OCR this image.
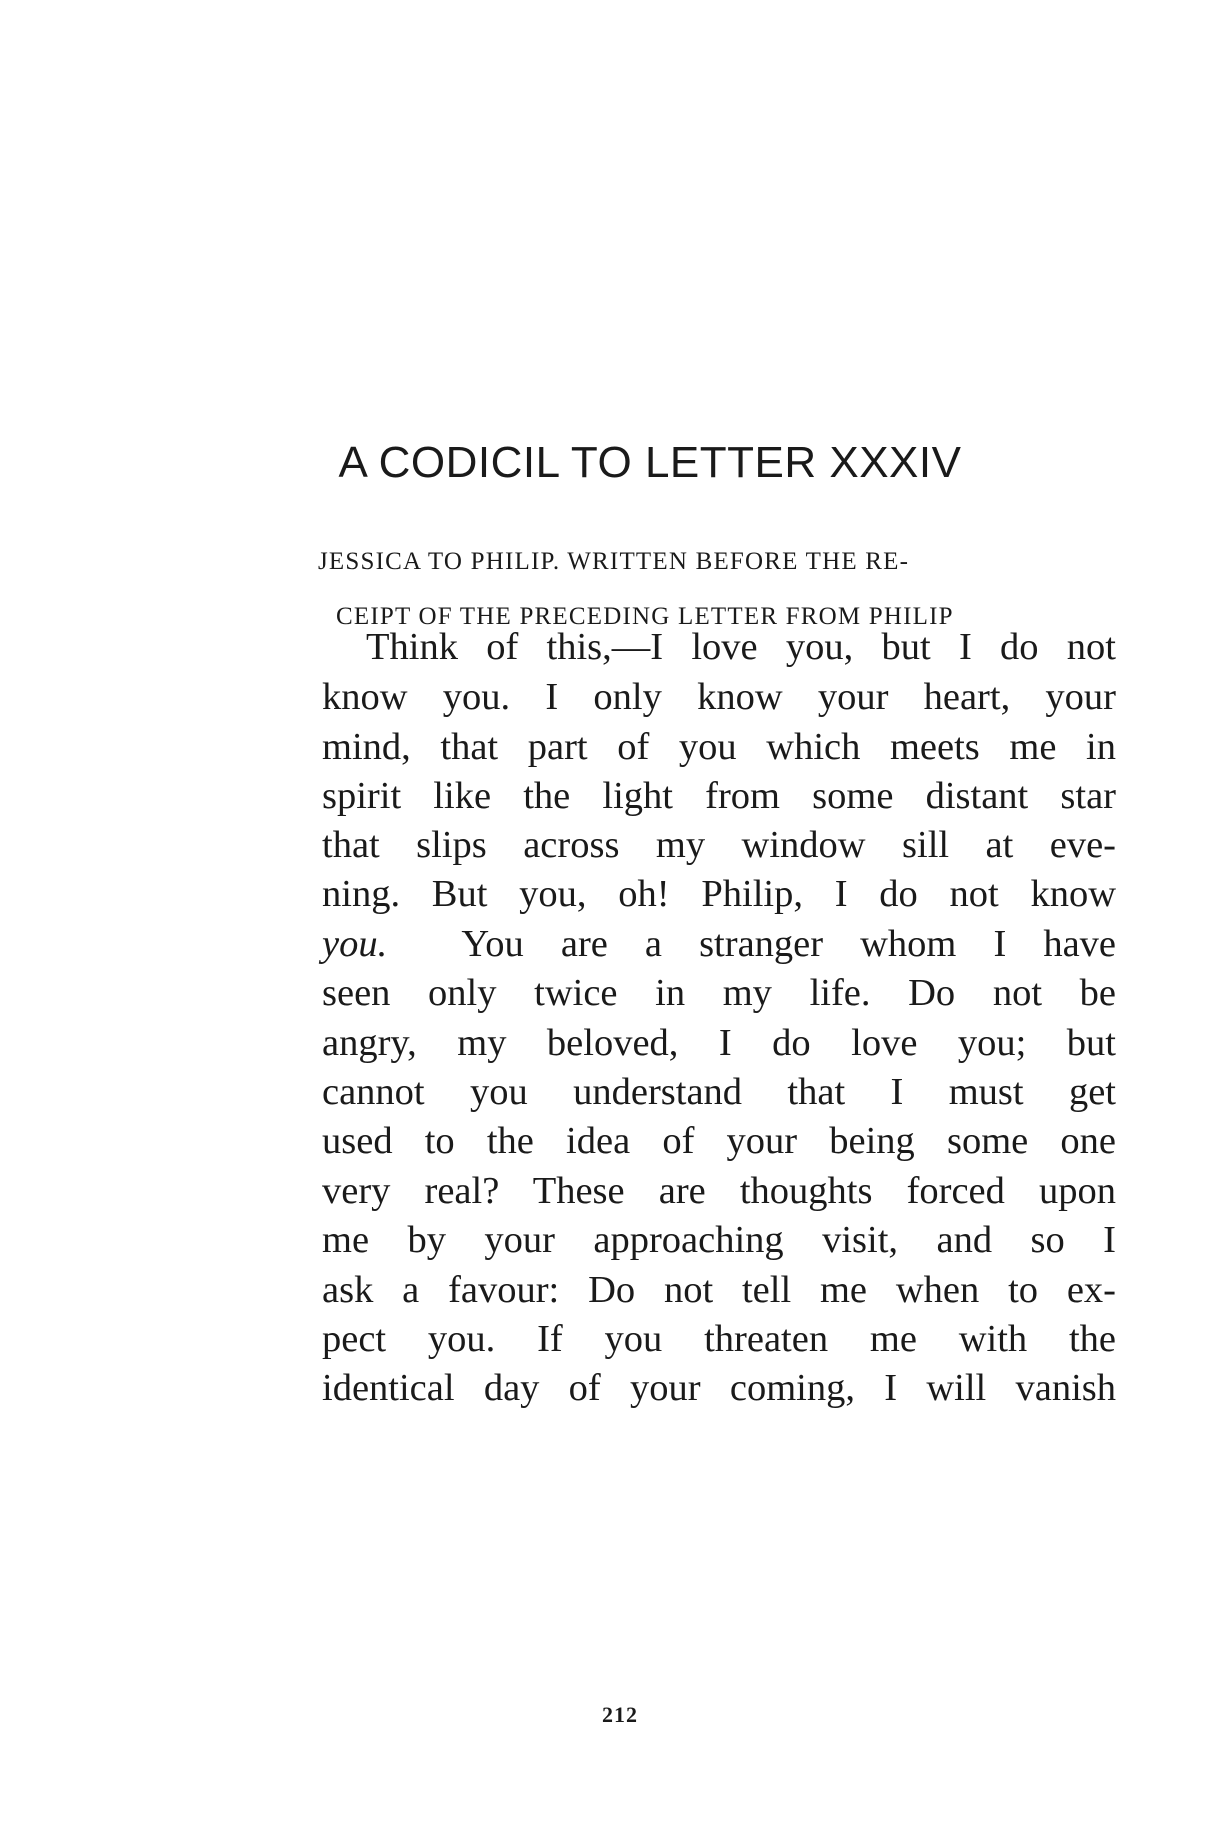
A CODICIL TO LETTER XXXIV

JESSICA TO PHILIP. WRITTEN BEFORE THE RE-

CEIPT OF THE PRECEDING LETTER FROM PHILIP

Think of this,—I love you, but I do not
know you. I only know your heart, your
mind, that part of you which meets me in
spirit like the light from some distant star
that slips across my window sill at eve-
ning. But you, oh! Philip, I do not know
you. You are a stranger whom I have
seen only twice in my life. Do not be
angry, my beloved, I do love you; but
cannot you understand that I must get
used to the idea of your being some one
very real? These are thoughts forced upon
me by your approaching visit, and so I
ask a favour: Do not tell me when to ex-
pect you. If you threaten me with the
identical day of your coming, I will vanish
212
